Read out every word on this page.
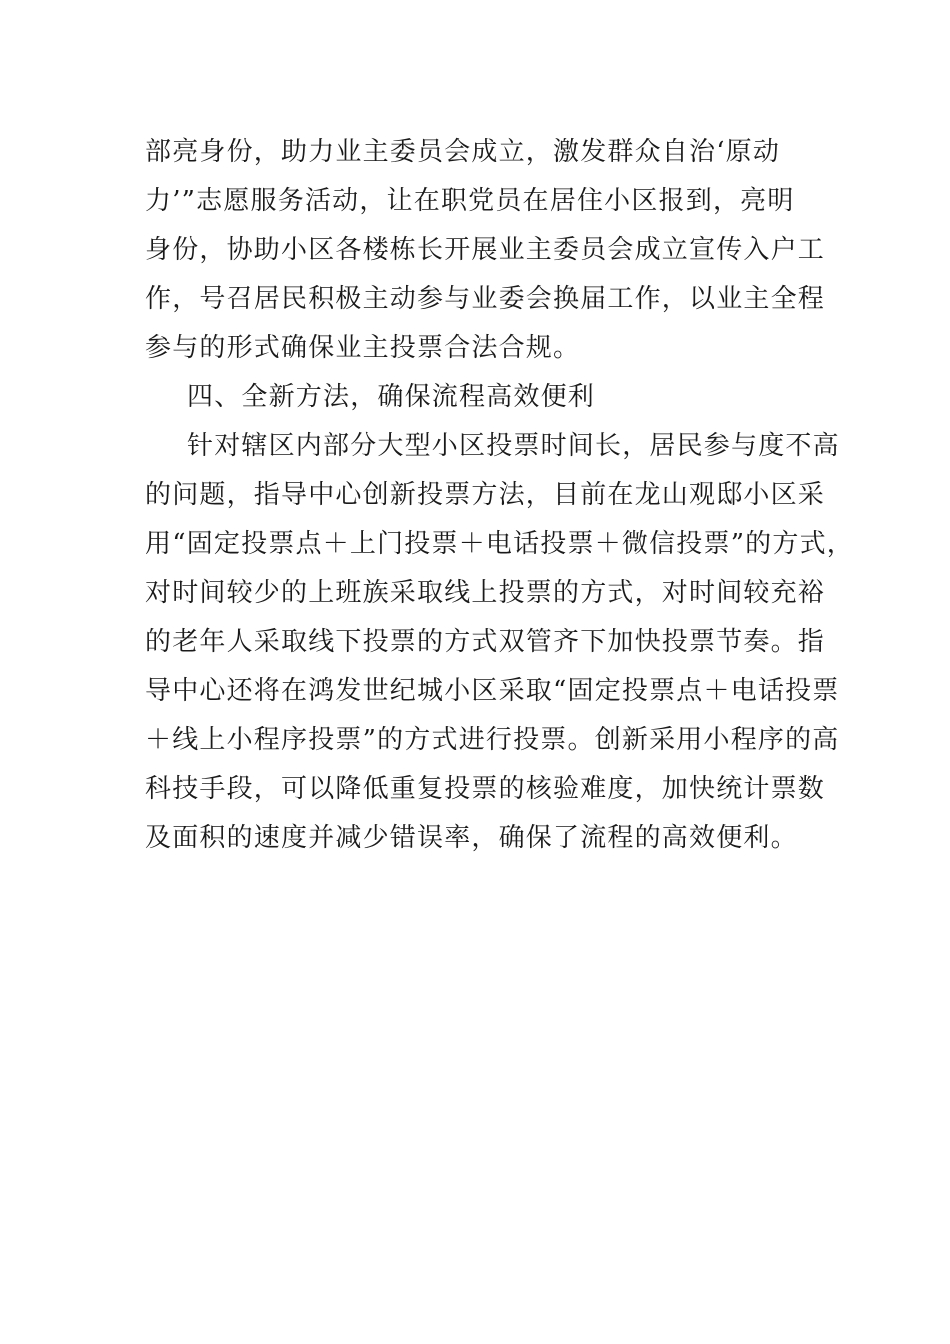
部亮身份，助力业主委员会成立，激发群众自治‘原动
力’”志愿服务活动，让在职党员在居住小区报到，亮明
身份，协助小区各楼栋长开展业主委员会成立宣传入户工
作，号召居民积极主动参与业委会换届工作，以业主全程
参与的形式确保业主投票合法合规。
四、全新方法，确保流程高效便利
针对辖区内部分大型小区投票时间长，居民参与度不高
的问题，指导中心创新投票方法，目前在龙山观邸小区采
用“固定投票点＋上门投票＋电话投票＋微信投票”的方式，
对时间较少的上班族采取线上投票的方式，对时间较充裕
的老年人采取线下投票的方式双管齐下加快投票节奏。指
导中心还将在鸿发世纪城小区采取“固定投票点＋电话投票
＋线上小程序投票”的方式进行投票。创新采用小程序的高
科技手段，可以降低重复投票的核验难度，加快统计票数
及面积的速度并减少错误率，确保了流程的高效便利。
